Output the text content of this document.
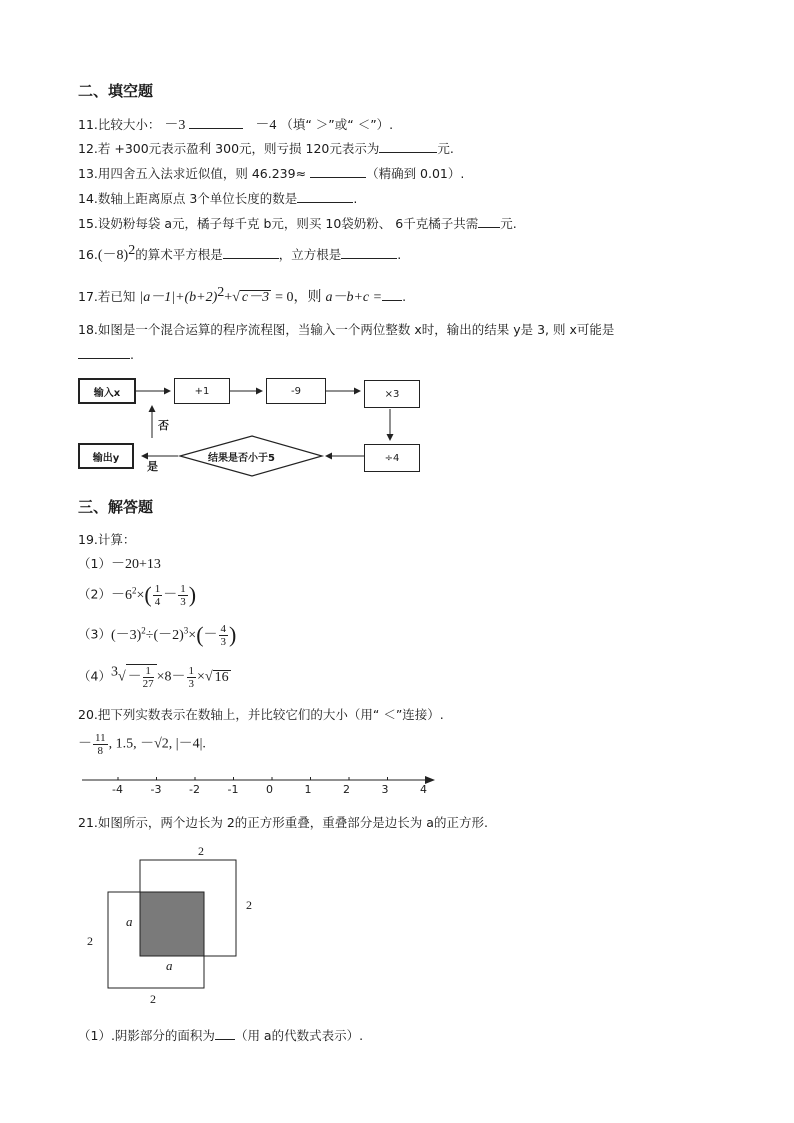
二、填空题
11.比较大小： －3	－4 （填“ ＞”或“ ＜”）.
12.若 +300元表示盈利 300元，则亏损 120元表示为	元.
13.用四舍五入法求近似值，则 46.239≈	（精确到 0.01）.
14.数轴上距离原点 3个单位长度的数是	.
15.设奶粉每袋 a元，橘子每千克 b元，则买 10袋奶粉、 6千克橘子共需 元.
$16.(-8)^2$的算术平方根是	，立方根是	.
17.若已知 $|a-1|+(b+2)^2+√$ c－3 = 0，则 a－b+c = .
18.如图是一个混合运算的程序流程图，当输入一个两位整数 x时，输出的结果 y是 3, 则 x可能是
.
输入x	+1	-9	×3
÷4
结果是否小于5
输出y
否
是
三、解答题
19.计算：
（1）－20+13
$(2)-6^2\times( \frac{1}{4} - \frac{1}{3}$ )
$(3)(-3)^2\div(-2)^3\times(- \frac{4}{3}$ )
$(4)^3√ - \frac{1}{27} \times 8- \frac{1}{3}$ ×√ 16
20.把下列实数表示在数轴上，并比较它们的大小（用“ ＜”连接）.
－ $\frac{11}{8}$ , 1.5, －√2, |－4|.
-4	-3	-2	-1	0	1	2	3	4
21.如图所示，两个边长为 2的正方形重叠，重叠部分是边长为 a的正方形.
2
2
2
2
a
a
（1）.阴影部分的面积为 （用 a的代数式表示）.
